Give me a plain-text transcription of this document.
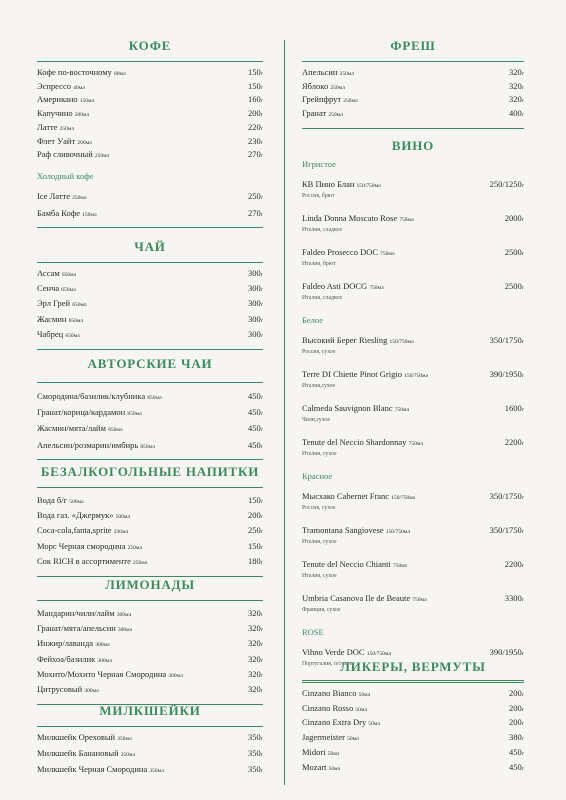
КОФЕ
Кофе по-восточному 80мл	150г
Эспрессо 40мл	150г
Американо 150мл	160г
Капучино 200мл	200г
Латте 250мл	220г
Флет Уайт 200мл	230г
Раф сливочный 250мл	270г
Холодный кофе
Ice Латте 250мл	250г
Бамба Кофе 150мл	270г
ЧАЙ
Ассам 650мл	300г
Сенча 650мл	300г
Эрл Грей 650мл	300г
Жасмин 650мл	300г
Чабрец 650мл	300г
АВТОРСКИЕ ЧАИ
Смородина/базилик/клубника 850мл	450г
Гранат/корица/кардамон 850мл	450г
Жасмин/мята/лайм 850мл	450г
Апельсин/розмарин/имбирь 850мл	450г
БЕЗАЛКОГОЛЬНЫЕ НАПИТКИ
Вода б/г 500мл	150г
Вода газ. «Джермук» 500мл	200г
Coca-cola,fanta,sprite 330мл	250г
Морс Черная смородина 250мл	150г
Сок RICH в ассортименте 250мл	180г
ЛИМОНАДЫ
Мандарин/чили/лайм 300мл	320г
Гранат/мята/апельсин 300мл	320г
Инжир/лаванда 300мл	320г
Фейхоа/базилик 300мл	320г
Мохито/Мохито Черная Смородина 300мл	320г
Цитрусовый 300мл	320г
МИЛКШЕЙКИ
Милкшейк Ореховый 350мл	350г
Милкшейк Банановый 350мл	350г
Милкшейк Черная Смородина 350мл	350г
ФРЕШ
Апельсин 250мл	320г
Яблоко 250мл	320г
Грейпфрут 250мл	320г
Гранат 250мл	400г
ВИНО
Игристое
КВ Пино Блан 150/750мл	250/1250г
Россия, брют
Linda Donna Moscato Rose 750мл	2000г
Италия, сладкое
Faldeo Prosecco DOC 750мл	2500г
Италия, брют
Faldeo Asti DOCG 750мл	2500г
Италия, сладкое
Белое
Высокий Берег Riesling 150/750мл	350/1750г
Россия, сухое
Terre DI Chiette Pinot Grigio 150/750мл	390/1950г
Италия,сухое
Calmeda Sauvignon Blanc 750мл	1600г
Чили,сухое
Tenute del Neccio Shardonnay 750мл	2200г
Италия, сухое
Красное
Мысхако Cabernet Franc 150/750мл	350/1750г
Россия, сухое
Tramontana Sangiovese 150/750мл	350/1750г
Италия, сухое
Tenute del Neccio Chianti 750мл	2200г
Италия, сухое
Umbria Casanova Ile de Beaute 750мл	3300г
Франция, сухое
ROSE
Vihno Verde DOC 150/750мл	390/1950г
Португалия, п/сухое
ЛИКЕРЫ, ВЕРМУТЫ
Cinzano Bianco 50мл	200г
Cinzano Rosso 50мл	200г
Cinzano Extra Dry 50мл	200г
Jagermeister 50мл	380г
Midori 50мл	450г
Mozart 50мл	450г
